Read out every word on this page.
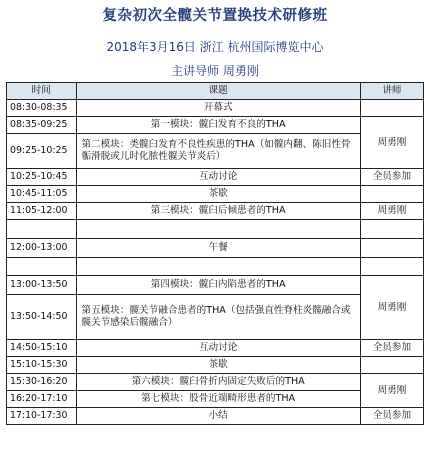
复杂初次全髋关节置换技术研修班
2018年3月16日 浙江 杭州国际博览中心
主讲导师 周勇刚
时间	课题	讲师
08:30-08:35	开幕式	
08:35-09:25	第一模块：髋臼发育不良的THA	周勇刚
09:25-10:25	第二模块：类髋臼发育不良性疾患的THA（如髋内翻、陈旧性骨骺滑脱或儿时化脓性髋关节炎后）	
10:25-10:45	互动讨论	全员参加
10:45-11:05	茶歇	
11:05-12:00	第三模块：髋臼后倾患者的THA	周勇刚

12:00-13:00	午餐	

13:00-13:50	第四模块：髋臼内陷患者的THA	周勇刚
13:50-14:50	第五模块：髋关节融合患者的THA（包括强直性脊柱炎髋融合或髋关节感染后髋融合）	
14:50-15:10	互动讨论	全员参加
15:10-15:30	茶歇	
15:30-16:20	第六模块：髋臼骨折内固定失败后的THA	周勇刚
16:20-17:10	第七模块：股骨近端畸形患者的THA	
17:10-17:30	小结	全员参加
